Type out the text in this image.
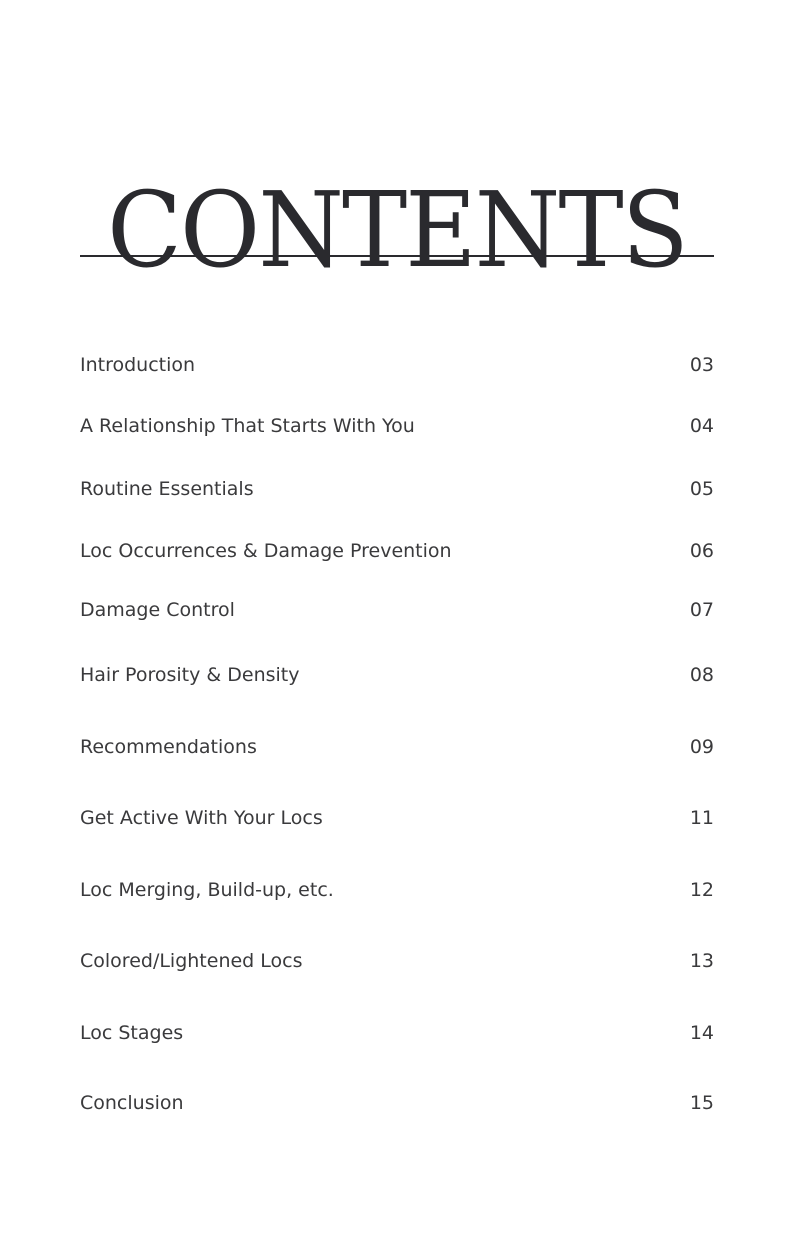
CONTENTS
Introduction	03
A Relationship That Starts With You	04
Routine Essentials	05
Loc Occurrences & Damage Prevention	06
Damage Control	07
Hair Porosity & Density	08
Recommendations	09
Get Active With Your Locs	11
Loc Merging, Build-up, etc.	12
Colored/Lightened Locs	13
Loc Stages	14
Conclusion	15
